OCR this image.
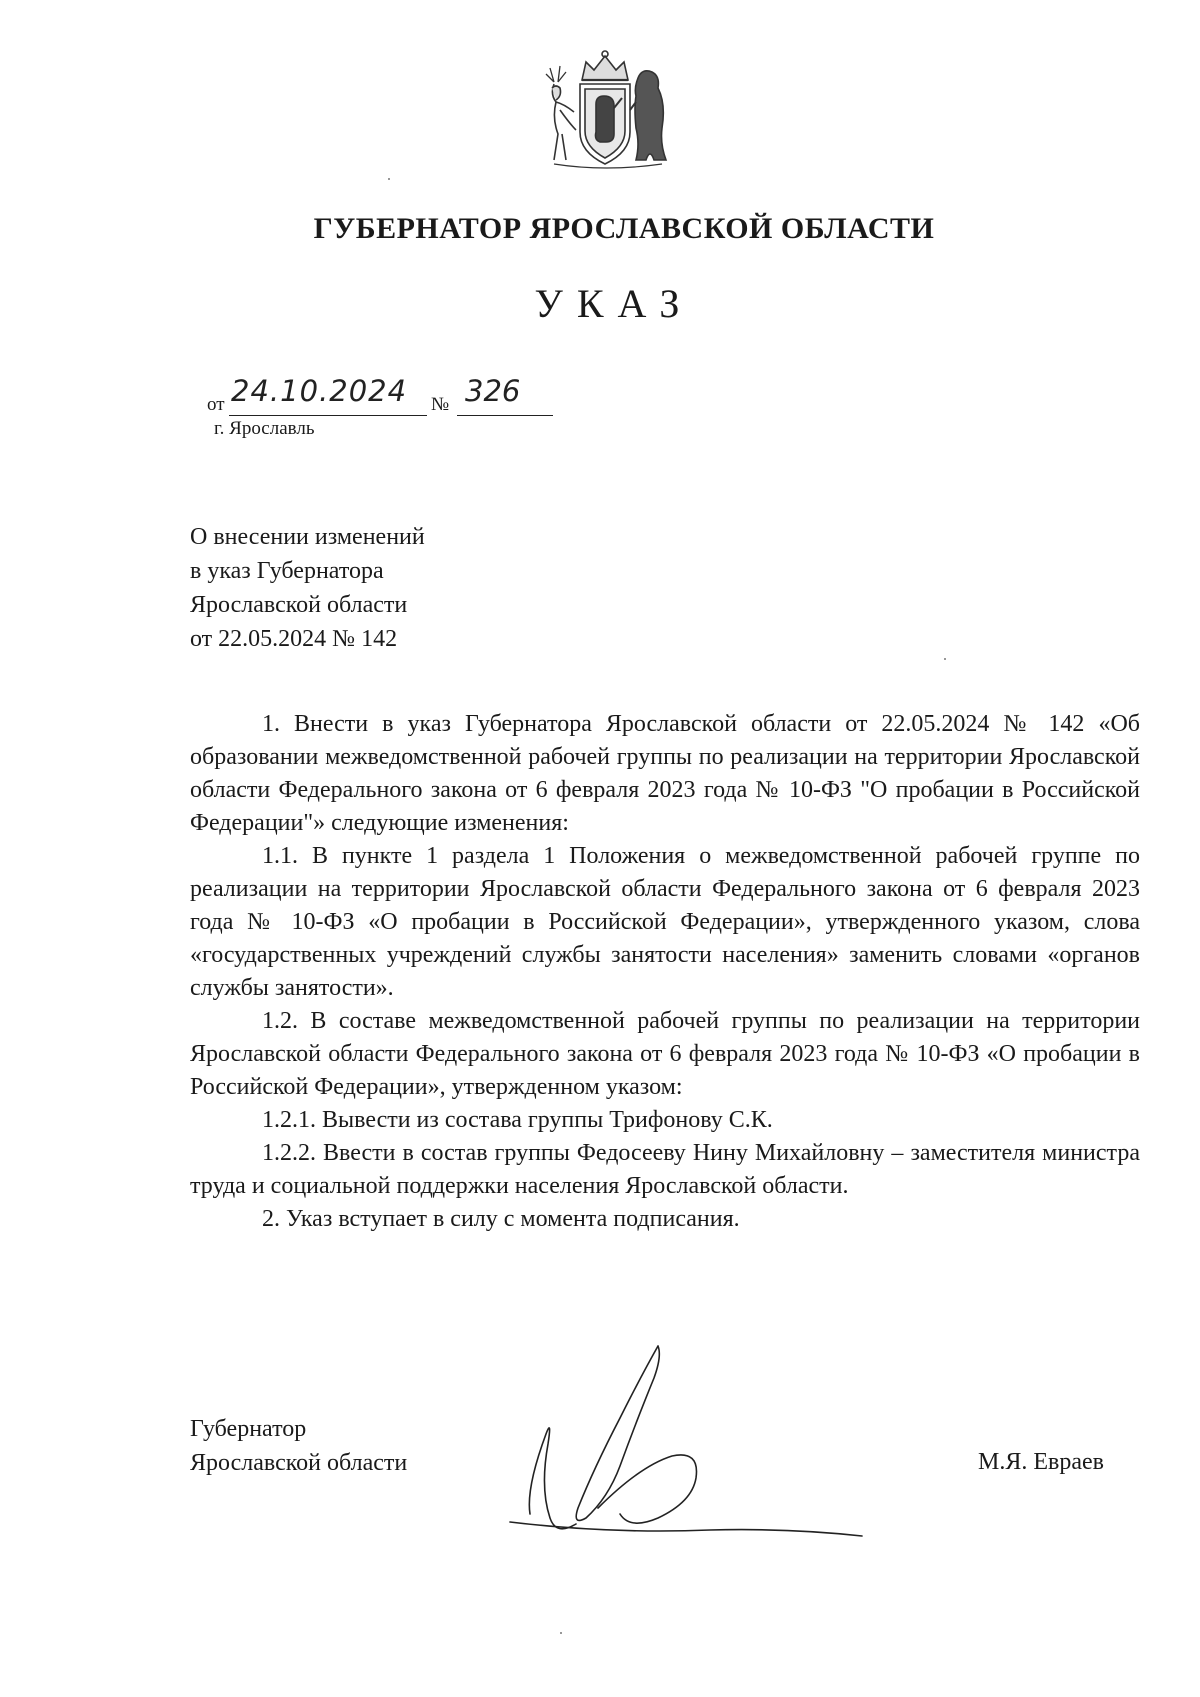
ГУБЕРНАТОР ЯРОСЛАВСКОЙ ОБЛАСТИ
УКАЗ
от 24.10.2024 № 326
г. Ярославль
О внесении изменений
в указ Губернатора
Ярославской области
от 22.05.2024 № 142

1. Внести в указ Губернатора Ярославской области от 22.05.2024 № 142 «Об образовании межведомственной рабочей группы по реализации на территории Ярославской области Федерального закона от 6 февраля 2023 года № 10-ФЗ "О пробации в Российской Федерации"» следующие изменения:

1.1. В пункте 1 раздела 1 Положения о межведомственной рабочей группе по реализации на территории Ярославской области Федерального закона от 6 февраля 2023 года № 10-ФЗ «О пробации в Российской Федерации», утвержденного указом, слова «государственных учреждений службы занятости населения» заменить словами «органов службы занятости».

1.2. В составе межведомственной рабочей группы по реализации на территории Ярославской области Федерального закона от 6 февраля 2023 года № 10-ФЗ «О пробации в Российской Федерации», утвержденном указом:

1.2.1. Вывести из состава группы Трифонову С.К.

1.2.2. Ввести в состав группы Федосееву Нину Михайловну – заместителя министра труда и социальной поддержки населения Ярославской области.

2. Указ вступает в силу с момента подписания.

Губернатор
Ярославской области	М.Я. Евраев
